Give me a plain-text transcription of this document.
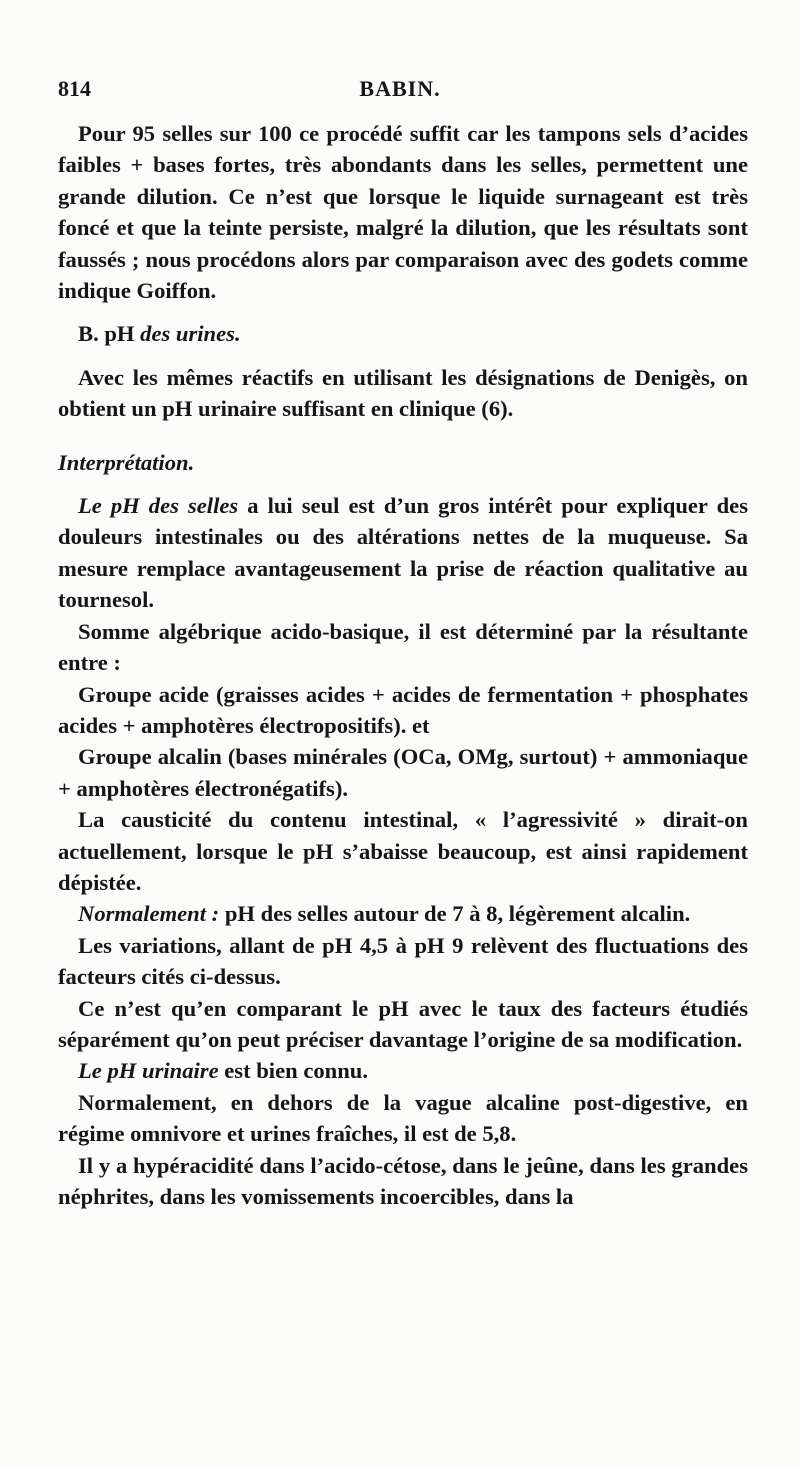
814	BABIN.

Pour 95 selles sur 100 ce procédé suffit car les tampons sels d’acides faibles + bases fortes, très abondants dans les selles, permettent une grande dilution. Ce n’est que lorsque le liquide surnageant est très foncé et que la teinte persiste, malgré la dilution, que les résultats sont faussés ; nous procédons alors par comparaison avec des godets comme indique Goiffon.

B. pH des urines.

Avec les mêmes réactifs en utilisant les désignations de Denigès, on obtient un pH urinaire suffisant en clinique (6).

Interprétation.

Le pH des selles a lui seul est d’un gros intérêt pour expliquer des douleurs intestinales ou des altérations nettes de la muqueuse. Sa mesure remplace avantageusement la prise de réaction qualitative au tournesol.

Somme algébrique acido-basique, il est déterminé par la résultante entre :

Groupe acide (graisses acides + acides de fermentation + phosphates acides + amphotères électropositifs). et

Groupe alcalin (bases minérales (OCa, OMg, surtout) + ammoniaque + amphotères électronégatifs).

La causticité du contenu intestinal, « l’agressivité » dirait-on actuellement, lorsque le pH s’abaisse beaucoup, est ainsi rapidement dépistée.

Normalement : pH des selles autour de 7 à 8, légèrement alcalin.

Les variations, allant de pH 4,5 à pH 9 relèvent des fluctuations des facteurs cités ci-dessus.

Ce n’est qu’en comparant le pH avec le taux des facteurs étudiés séparément qu’on peut préciser davantage l’origine de sa modification.

Le pH urinaire est bien connu.

Normalement, en dehors de la vague alcaline post-digestive, en régime omnivore et urines fraîches, il est de 5,8.

Il y a hypéracidité dans l’acido-cétose, dans le jeûne, dans les grandes néphrites, dans les vomissements incoercibles, dans la
